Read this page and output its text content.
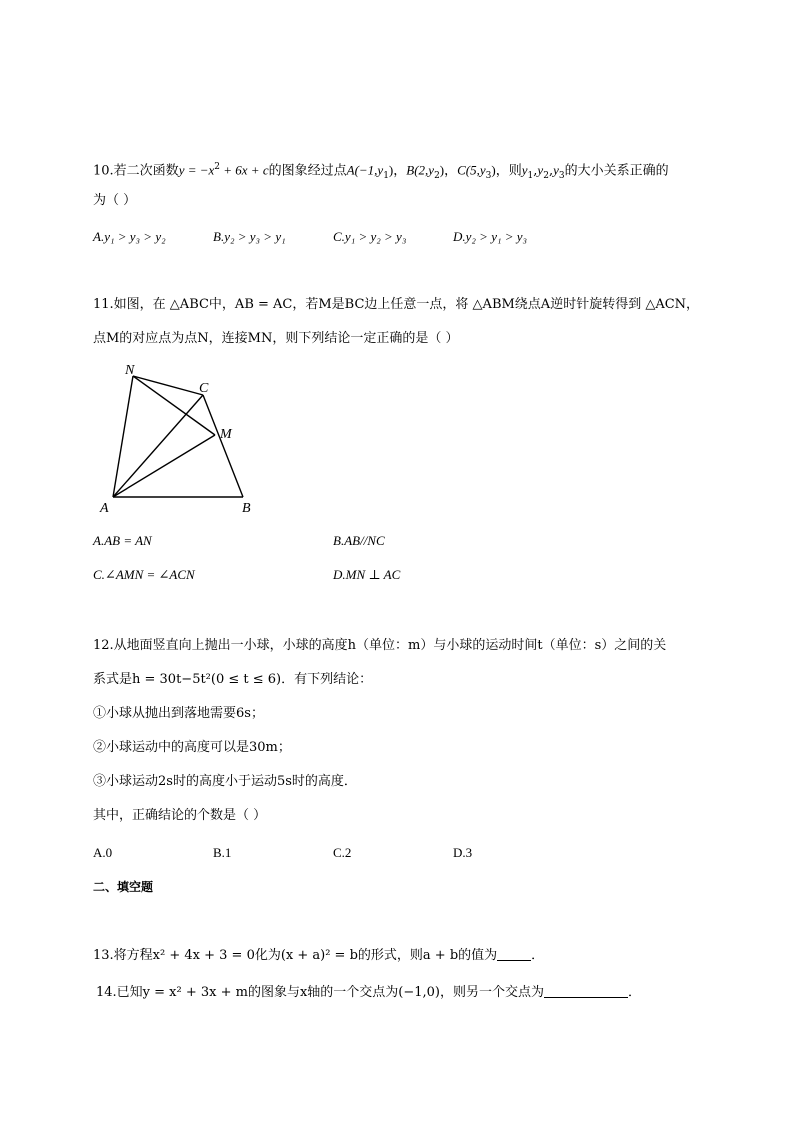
10.若二次函数$y = -x^2 + 6x + c$的图象经过点$A(-1,y_1)$，$B(2,y_2)$，$C(5,y_3)$，则$y_1,y_2,y_3$的大小关系正确的
为（ ）
A.y₁ > y₃ > y₂	B.y₂ > y₃ > y₁	C.y₁ > y₂ > y₃	D.y₂ > y₁ > y₃
11.如图，在 △ABC中，AB = AC，若M是BC边上任意一点，将 △ABM绕点A逆时针旋转得到 △ACN，
点M的对应点为点N，连接MN，则下列结论一定正确的是（ ）
N
C
M
A	B
A.AB = AN	B.AB//NC
C.∠AMN = ∠ACN	D.MN ⊥ AC
12.从地面竖直向上抛出一小球，小球的高度h（单位：m）与小球的运动时间t（单位：s）之间的关
系式是h = 30t−5t²(0 ≤ t ≤ 6)．有下列结论：
①小球从抛出到落地需要6s；
②小球运动中的高度可以是30m；
③小球运动2s时的高度小于运动5s时的高度．
其中，正确结论的个数是（ ）
A.0	B.1	C.2	D.3
二、填空题
13.将方程x² + 4x + 3 = 0化为(x + a)² = b的形式，则a + b的值为	．
14.已知y = x² + 3x + m的图象与x轴的一个交点为(−1,0)，则另一个交点为	．
